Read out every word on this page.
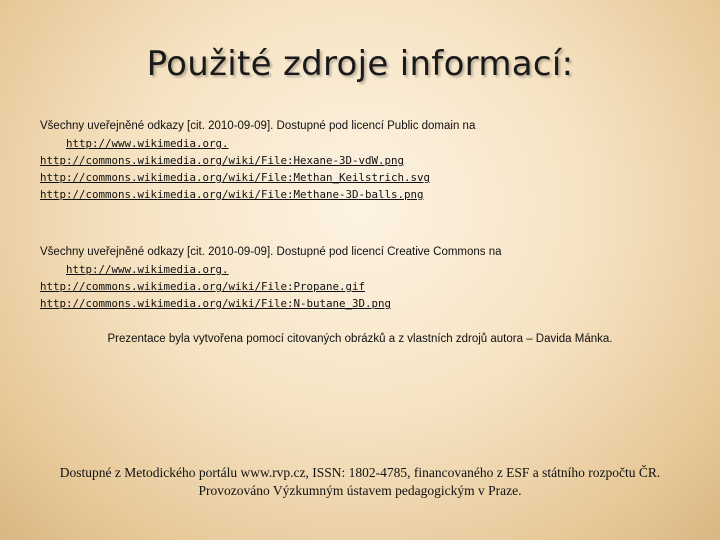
Použité zdroje informací:

Všechny uveřejněné odkazy [cit. 2010-09-09]. Dostupné pod licencí Public domain na
http://www.wikimedia.org.

http://commons.wikimedia.org/wiki/File:Hexane-3D-vdW.png
http://commons.wikimedia.org/wiki/File:Methan_Keilstrich.svg
http://commons.wikimedia.org/wiki/File:Methane-3D-balls.png

Všechny uveřejněné odkazy [cit. 2010-09-09]. Dostupné pod licencí Creative Commons na
http://www.wikimedia.org.

http://commons.wikimedia.org/wiki/File:Propane.gif
http://commons.wikimedia.org/wiki/File:N-butane_3D.png
Prezentace byla vytvořena pomocí citovaných obrázků a z vlastních zdrojů autora – Davida Mánka.
Dostupné z Metodického portálu www.rvp.cz, ISSN: 1802-4785, financovaného z ESF a státního rozpočtu ČR.
Provozováno Výzkumným ústavem pedagogickým v Praze.
